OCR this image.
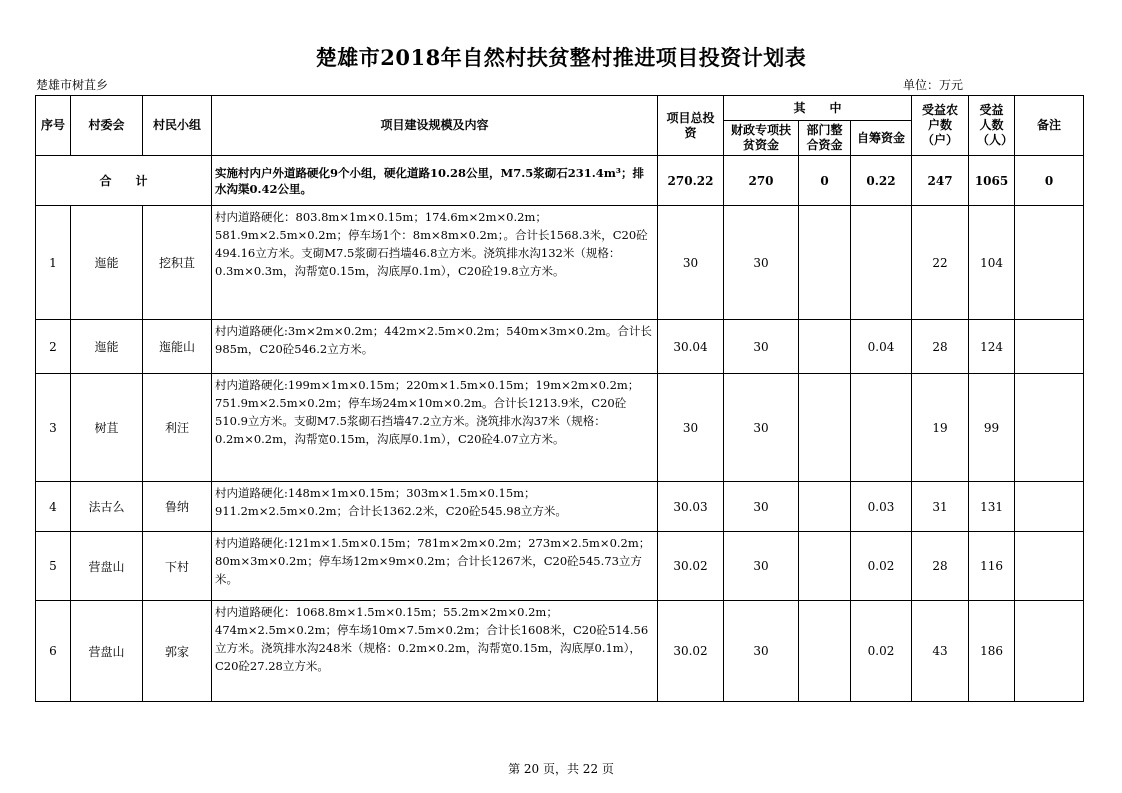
楚雄市2018年自然村扶贫整村推进项目投资计划表
楚雄市树苴乡	单位：万元
序号	村委会	村民小组	项目建设规模及内容	项目总投资	其　　中			受益农户数（户）	受益人数（人）	备注
					财政专项扶贫资金	部门整合资金	自筹资金			
合　　计			实施村内户外道路硬化9个小组，硬化道路10.28公里，M7.5浆砌石231.4m³；排水沟渠0.42公里。	270.22	270	0	0.22	247	1065	0
1	迤能	挖积苴	村内道路硬化：803.8m×1m×0.15m；174.6m×2m×0.2m；581.9m×2.5m×0.2m；停车场1个：8m×8m×0.2m；。合计长1568.3米，C20砼494.16立方米。支砌M7.5浆砌石挡墙46.8立方米。浇筑排水沟132米（规格：0.3m×0.3m，沟帮宽0.15m，沟底厚0.1m），C20砼19.8立方米。	30	30			22	104	
2	迤能	迤能山	村内道路硬化:3m×2m×0.2m；442m×2.5m×0.2m；540m×3m×0.2m。合计长985m，C20砼546.2立方米。	30.04	30		0.04	28	124	
3	树苴	利汪	村内道路硬化:199m×1m×0.15m；220m×1.5m×0.15m；19m×2m×0.2m；751.9m×2.5m×0.2m；停车场24m×10m×0.2m。合计长1213.9米，C20砼510.9立方米。支砌M7.5浆砌石挡墙47.2立方米。浇筑排水沟37米（规格：0.2m×0.2m，沟帮宽0.15m，沟底厚0.1m），C20砼4.07立方米。	30	30			19	99	
4	法古么	鲁纳	村内道路硬化:148m×1m×0.15m；303m×1.5m×0.15m；911.2m×2.5m×0.2m；合计长1362.2米，C20砼545.98立方米。	30.03	30		0.03	31	131	
5	营盘山	下村	村内道路硬化:121m×1.5m×0.15m；781m×2m×0.2m；273m×2.5m×0.2m；80m×3m×0.2m；停车场12m×9m×0.2m；合计长1267米，C20砼545.73立方米。	30.02	30		0.02	28	116	
6	营盘山	郭家	村内道路硬化：1068.8m×1.5m×0.15m；55.2m×2m×0.2m；474m×2.5m×0.2m；停车场10m×7.5m×0.2m；合计长1608米，C20砼514.56立方米。浇筑排水沟248米（规格：0.2m×0.2m，沟帮宽0.15m，沟底厚0.1m），C20砼27.28立方米。	30.02	30		0.02	43	186	
第 20 页，共 22 页
